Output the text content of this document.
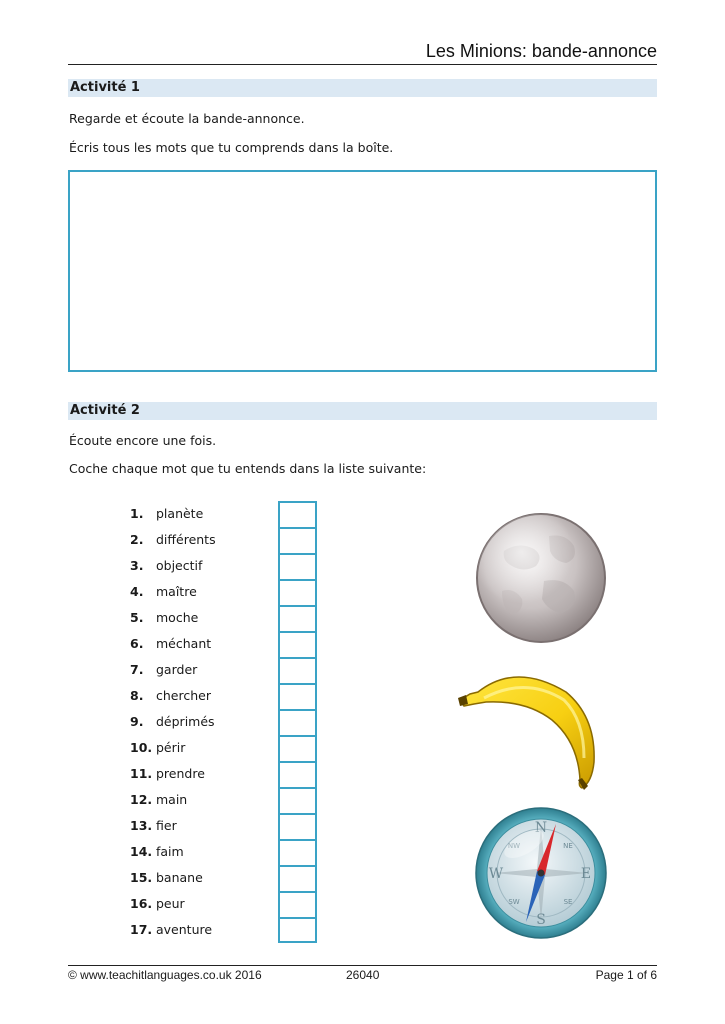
Les Minions: bande-annonce
Activité 1
Regarde et écoute la bande-annonce.
Écris tous les mots que tu comprends dans la boîte.
Activité 2
Écoute encore une fois.
Coche chaque mot que tu entends dans la liste suivante:
1. planète
2. différents
3. objectif
4. maître
5. moche
6. méchant
7. garder
8. chercher
9. déprimés
10. périr
11. prendre
12. main
13. fier
14. faim
15. banane
16. peur
17. aventure
N
S
E
W
NW	NE
SW	SE
© www.teachitlanguages.co.uk 2016	26040	Page 1 of 6
